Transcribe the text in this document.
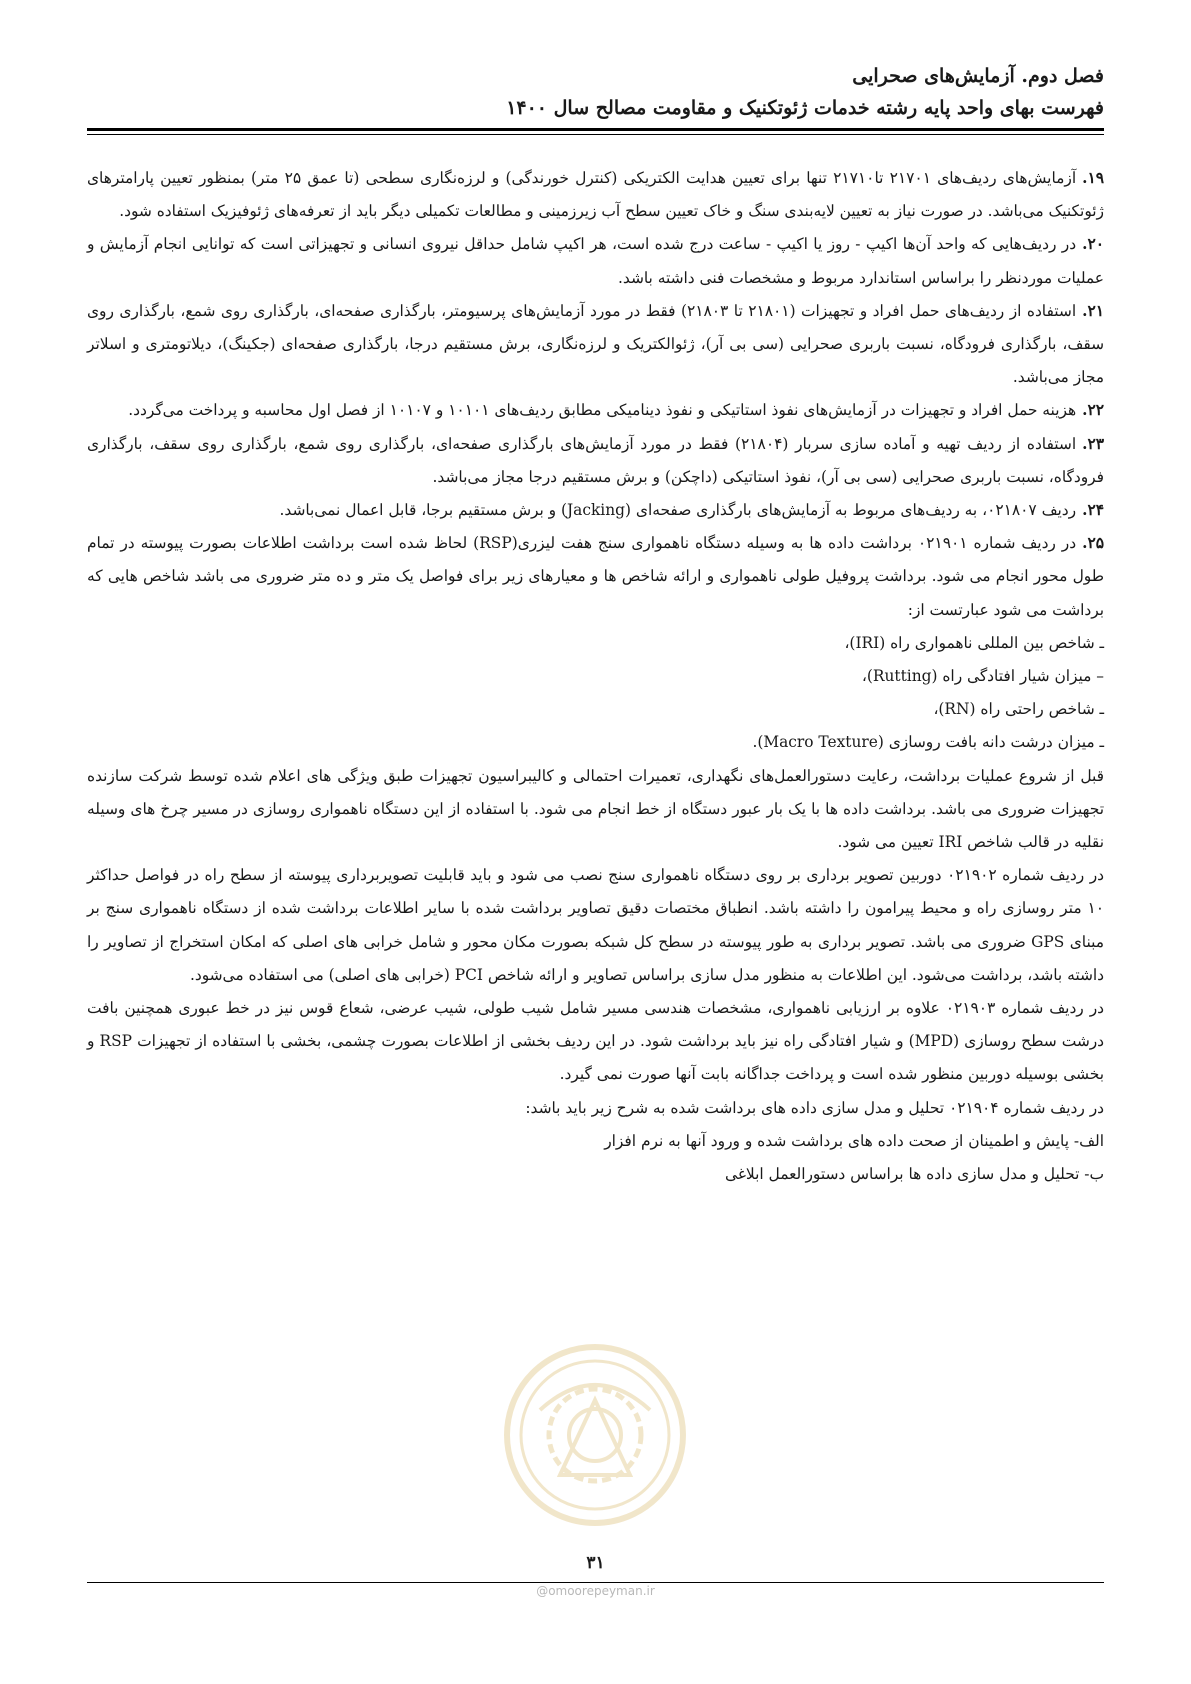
فصل دوم. آزمایش‌های صحرایی
فهرست بهای واحد پایه رشته خدمات ژئوتکنیک و مقاومت مصالح سال ۱۴۰۰

۱۹.آزمایش‌های ردیف‌های ۲۱۷۰۱ تا۲۱۷۱۰ تنها برای تعیین هدایت الکتریکی (کنترل خورندگی) و لرزه‌نگاری سطحی (تا عمق ۲۵ متر) بمنظور تعیین پارامترهای ژئوتکنیک می‌باشد. در صورت نیاز به تعیین لایه‌بندی سنگ و خاک تعیین سطح آب زیرزمینی و مطالعات تکمیلی دیگر باید از تعرفه‌های ژئوفیزیک استفاده شود.

۲۰.در ردیف‌هایی که واحد آن‌ها اکیپ - روز یا اکیپ - ساعت درج شده است، هر اکیپ شامل حداقل نیروی انسانی و تجهیزاتی است که توانایی انجام آزمایش و عملیات موردنظر را براساس استاندارد مربوط و مشخصات فنی داشته باشد.

۲۱.استفاده از ردیف‌های حمل افراد و تجهیزات (۲۱۸۰۱ تا ۲۱۸۰۳) فقط در مورد آزمایش‌های پرسیومتر، بارگذاری صفحه‌ای، بارگذاری روی شمع، بارگذاری روی سقف، بارگذاری فرودگاه، نسبت باربری صحرایی (سی بی آر)، ژئوالکتریک و لرزه‌نگاری، برش مستقیم درجا، بارگذاری صفحه‌ای (جکینگ)، دیلاتومتری و اسلاتر مجاز می‌باشد.

۲۲.هزینه حمل افراد و تجهیزات در آزمایش‌های نفوذ استاتیکی و نفوذ دینامیکی مطابق ردیف‌های ۱۰۱۰۱ و ۱۰۱۰۷ از فصل اول محاسبه و پرداخت می‌گردد.

۲۳.استفاده از ردیف تهیه و آماده سازی سربار (۲۱۸۰۴) فقط در مورد آزمایش‌های بارگذاری صفحه‌ای، بارگذاری روی شمع، بارگذاری روی سقف، بارگذاری فرودگاه، نسبت باربری صحرایی (سی بی آر)، نفوذ استاتیکی (داچکن) و برش مستقیم درجا مجاز می‌باشد.

۲۴.ردیف ۰۲۱۸۰۷، به ردیف‌های مربوط به آزمایش‌های بارگذاری صفحه‌ای (Jacking) و برش مستقیم برجا، قابل اعمال نمی‌باشد.

۲۵.در ردیف شماره ۰۲۱۹۰۱ برداشت داده ها به وسیله دستگاه ناهمواری سنج هفت لیزری(RSP) لحاظ شده است برداشت اطلاعات بصورت پیوسته در تمام طول محور انجام می شود. برداشت پروفیل طولی ناهمواری و ارائه شاخص ها و معیارهای زیر برای فواصل یک متر و ده متر ضروری می باشد شاخص هایی که برداشت می شود عبارتست از:

ـ شاخص بین المللی ناهمواری راه (IRI)،

– میزان شیار افتادگی راه (Rutting)،

ـ شاخص راحتی راه (RN)،

ـ میزان درشت دانه بافت روسازی (Macro Texture).

قبل از شروع عملیات برداشت، رعایت دستورالعمل‌های نگهداری، تعمیرات احتمالی و کالیبراسیون تجهیزات طبق ویژگی های اعلام شده توسط شرکت سازنده تجهیزات ضروری می باشد. برداشت داده ها با یک بار عبور دستگاه از خط انجام می شود. با استفاده از این دستگاه ناهمواری روسازی در مسیر چرخ های وسیله نقلیه در قالب شاخص IRI تعیین می شود.

در ردیف شماره ۰۲۱۹۰۲ دوربین تصویر برداری بر روی دستگاه ناهمواری سنج نصب می شود و باید قابلیت تصویربرداری پیوسته از سطح راه در فواصل حداکثر ۱۰ متر روسازی راه و محیط پیرامون را داشته باشد. انطباق مختصات دقیق تصاویر برداشت شده با سایر اطلاعات برداشت شده از دستگاه ناهمواری سنج بر مبنای GPS ضروری می باشد. تصویر برداری به طور پیوسته در سطح کل شبکه بصورت مکان محور و شامل خرابی های اصلی که امکان استخراج از تصاویر را داشته باشد، برداشت می‌شود. این اطلاعات به منظور مدل سازی براساس تصاویر و ارائه شاخص PCI (خرابی های اصلی) می استفاده می‌شود.

در ردیف شماره ۰۲۱۹۰۳ علاوه بر ارزیابی ناهمواری، مشخصات هندسی مسیر شامل شیب طولی، شیب عرضی، شعاع قوس نیز در خط عبوری همچنین بافت درشت سطح روسازی (MPD) و شیار افتادگی راه نیز باید برداشت شود. در این ردیف بخشی از اطلاعات بصورت چشمی، بخشی با استفاده از تجهیزات RSP و بخشی بوسیله دوربین منظور شده است و پرداخت جداگانه بابت آنها صورت نمی گیرد.

در ردیف شماره ۰۲۱۹۰۴ تحلیل و مدل سازی داده های برداشت شده به شرح زیر باید باشد:

الف- پایش و اطمینان از صحت داده های برداشت شده و ورود آنها به نرم افزار

ب- تحلیل و مدل سازی داده ها براساس دستورالعمل ابلاغی

۳۱
@omoorepeyman.ir
